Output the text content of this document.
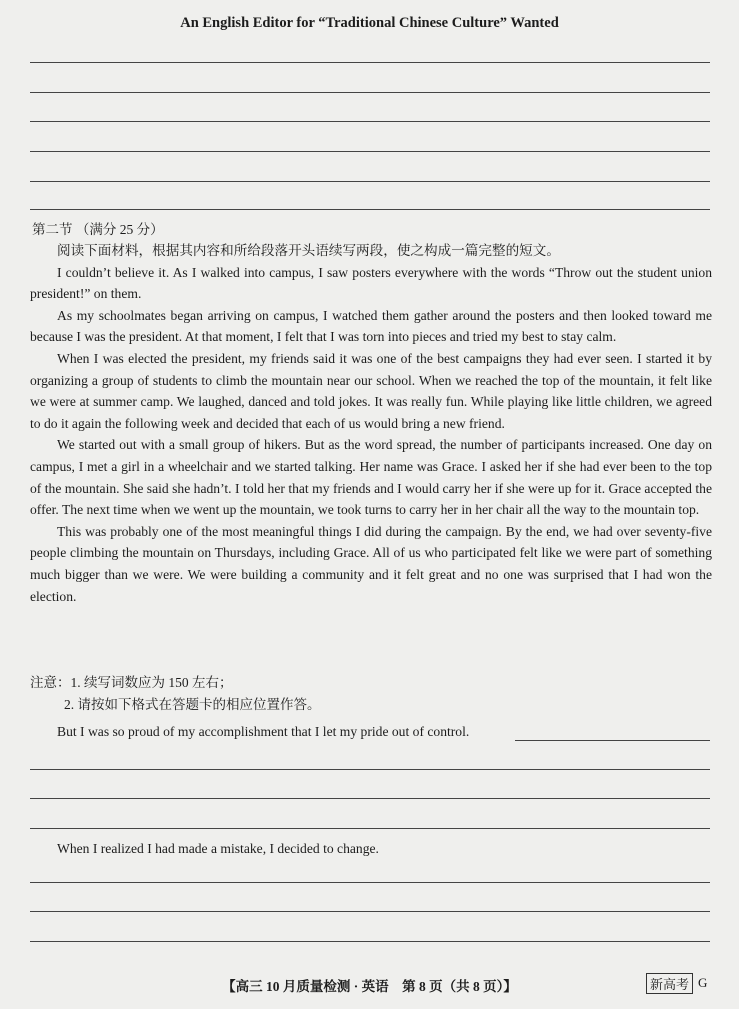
An English Editor for “Traditional Chinese Culture” Wanted
第二节 （满分 25 分）

阅读下面材料，根据其内容和所给段落开头语续写两段，使之构成一篇完整的短文。

I couldn’t believe it. As I walked into campus, I saw posters everywhere with the words “Throw out the student union president!” on them.

As my schoolmates began arriving on campus, I watched them gather around the posters and then looked toward me because I was the president. At that moment, I felt that I was torn into pieces and tried my best to stay calm.

When I was elected the president, my friends said it was one of the best campaigns they had ever seen. I started it by organizing a group of students to climb the mountain near our school. When we reached the top of the mountain, it felt like we were at summer camp. We laughed, danced and told jokes. It was really fun. While playing like little children, we agreed to do it again the following week and decided that each of us would bring a new friend.

We started out with a small group of hikers. But as the word spread, the number of participants increased. One day on campus, I met a girl in a wheelchair and we started talking. Her name was Grace. I asked her if she had ever been to the top of the mountain. She said she hadn’t. I told her that my friends and I would carry her if she were up for it. Grace accepted the offer. The next time when we went up the mountain, we took turns to carry her in her chair all the way to the mountain top.

This was probably one of the most meaningful things I did during the campaign. By the end, we had over seventy-five people climbing the mountain on Thursdays, including Grace. All of us who participated felt like we were part of something much bigger than we were. We were building a community and it felt great and no one was surprised that I had won the election.

注意：1. 续写词数应为 150 左右；
2. 请按如下格式在答题卡的相应位置作答。
But I was so proud of my accomplishment that I let my pride out of control.
When I realized I had made a mistake, I decided to change.
【高三 10 月质量检测 · 英语　第 8 页（共 8 页）】	新高考 G
